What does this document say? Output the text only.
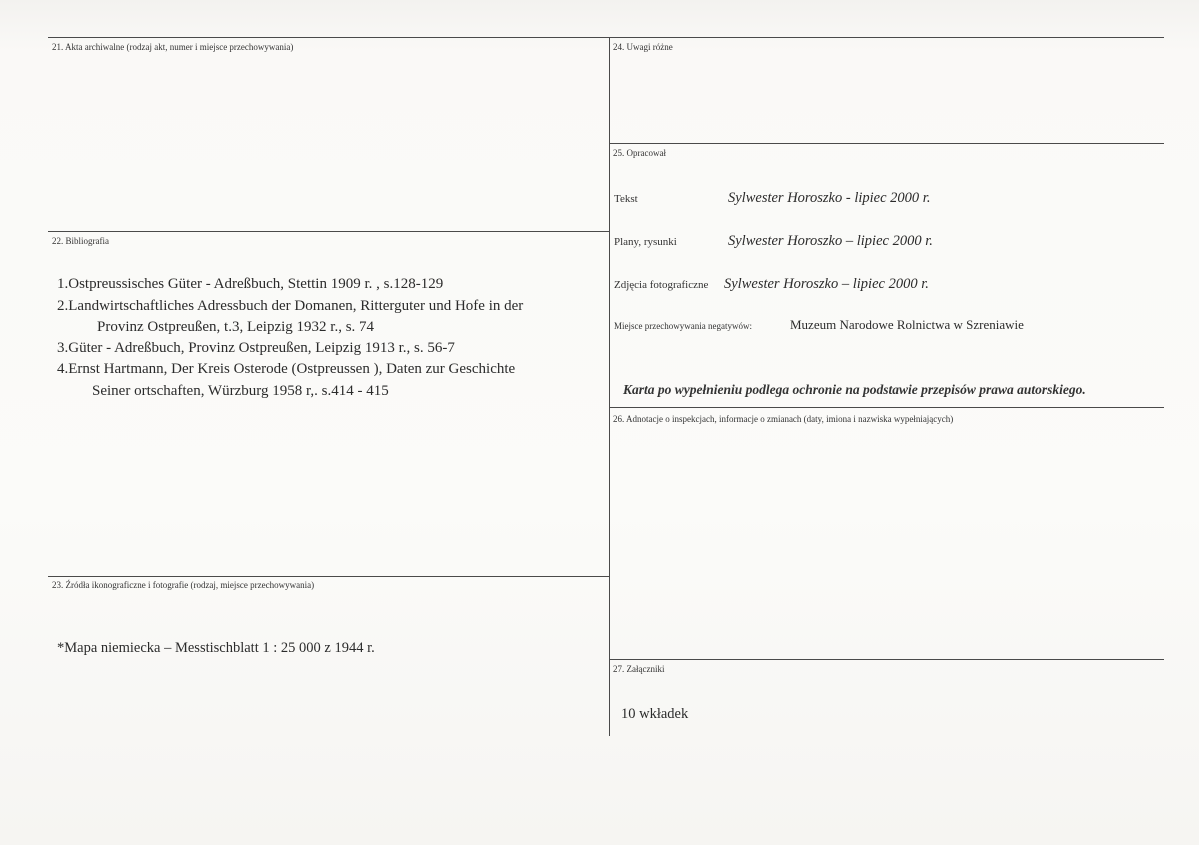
21. Akta archiwalne (rodzaj akt, numer i miejsce przechowywania)
22. Bibliografia
1.Ostpreussisches Güter - Adreßbuch, Stettin 1909 r. , s.128-129
2.Landwirtschaftliches Adressbuch der Domanen, Ritterguter und Hofe in der
Provinz Ostpreußen, t.3, Leipzig 1932 r., s. 74
3.Güter - Adreßbuch, Provinz Ostpreußen, Leipzig 1913 r., s. 56-7
4.Ernst Hartmann, Der Kreis Osterode (Ostpreussen ), Daten zur Geschichte
Seiner ortschaften, Würzburg 1958 r,. s.414 - 415
23. Źródła ikonograficzne i fotografie (rodzaj, miejsce przechowywania)
*Mapa niemiecka – Messtischblatt 1 : 25 000 z 1944 r.
24. Uwagi różne
25. Opracował
Tekst	Sylwester Horoszko - lipiec 2000 r.
Plany, rysunki	Sylwester Horoszko – lipiec 2000 r.
Zdjęcia fotograficzne Sylwester Horoszko – lipiec 2000 r.
Miejsce przechowywania negatywów:	Muzeum Narodowe Rolnictwa w Szreniawie
Karta po wypełnieniu podlega ochronie na podstawie przepisów prawa autorskiego.
26. Adnotacje o inspekcjach, informacje o zmianach (daty, imiona i nazwiska wypełniających)
27. Załączniki
10 wkładek
